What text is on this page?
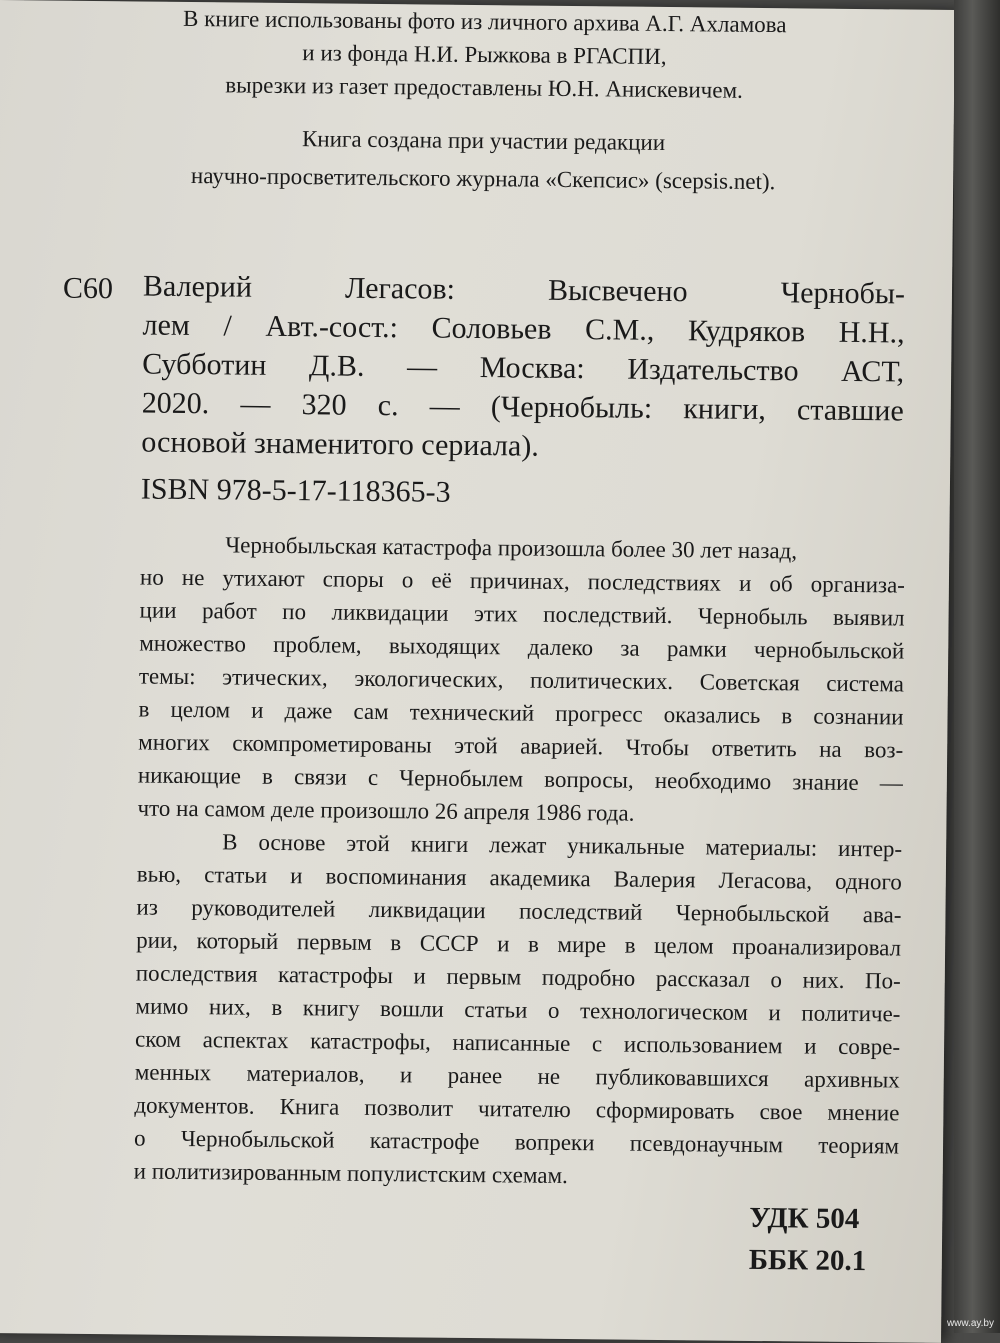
В книге использованы фото из личного архива А.Г. Ахламова
и из фонда Н.И. Рыжкова в РГАСПИ,
вырезки из газет предоставлены Ю.Н. Анискевичем.
Книга создана при участии редакции
научно-просветительского журнала «Скепсис» (scepsis.net).
С60 Валерий Легасов: Высвечено Чернобы-
лем / Авт.-сост.: Соловьев С.М., Кудряков Н.Н.,
Субботин Д.В. — Москва: Издательство АСТ,
2020. — 320 с. — (Чернобыль: книги, ставшие
основой знаменитого сериала).
ISBN 978-5-17-118365-3
Чернобыльская катастрофа произошла более 30 лет назад,
но не утихают споры о её причинах, последствиях и об организа-
ции работ по ликвидации этих последствий. Чернобыль выявил
множество проблем, выходящих далеко за рамки чернобыльской
темы: этических, экологических, политических. Советская система
в целом и даже сам технический прогресс оказались в сознании
многих скомпрометированы этой аварией. Чтобы ответить на воз-
никающие в связи с Чернобылем вопросы, необходимо знание —
что на самом деле произошло 26 апреля 1986 года.
В основе этой книги лежат уникальные материалы: интер-
вью, статьи и воспоминания академика Валерия Легасова, одного
из руководителей ликвидации последствий Чернобыльской ава-
рии, который первым в СССР и в мире в целом проанализировал
последствия катастрофы и первым подробно рассказал о них. По-
мимо них, в книгу вошли статьи о технологическом и политиче-
ском аспектах катастрофы, написанные с использованием и совре-
менных материалов, и ранее не публиковавшихся архивных
документов. Книга позволит читателю сформировать свое мнение
о Чернобыльской катастрофе вопреки псевдонаучным теориям
и политизированным популистским схемам.
УДК 504
ББК 20.1
www.ay.by
